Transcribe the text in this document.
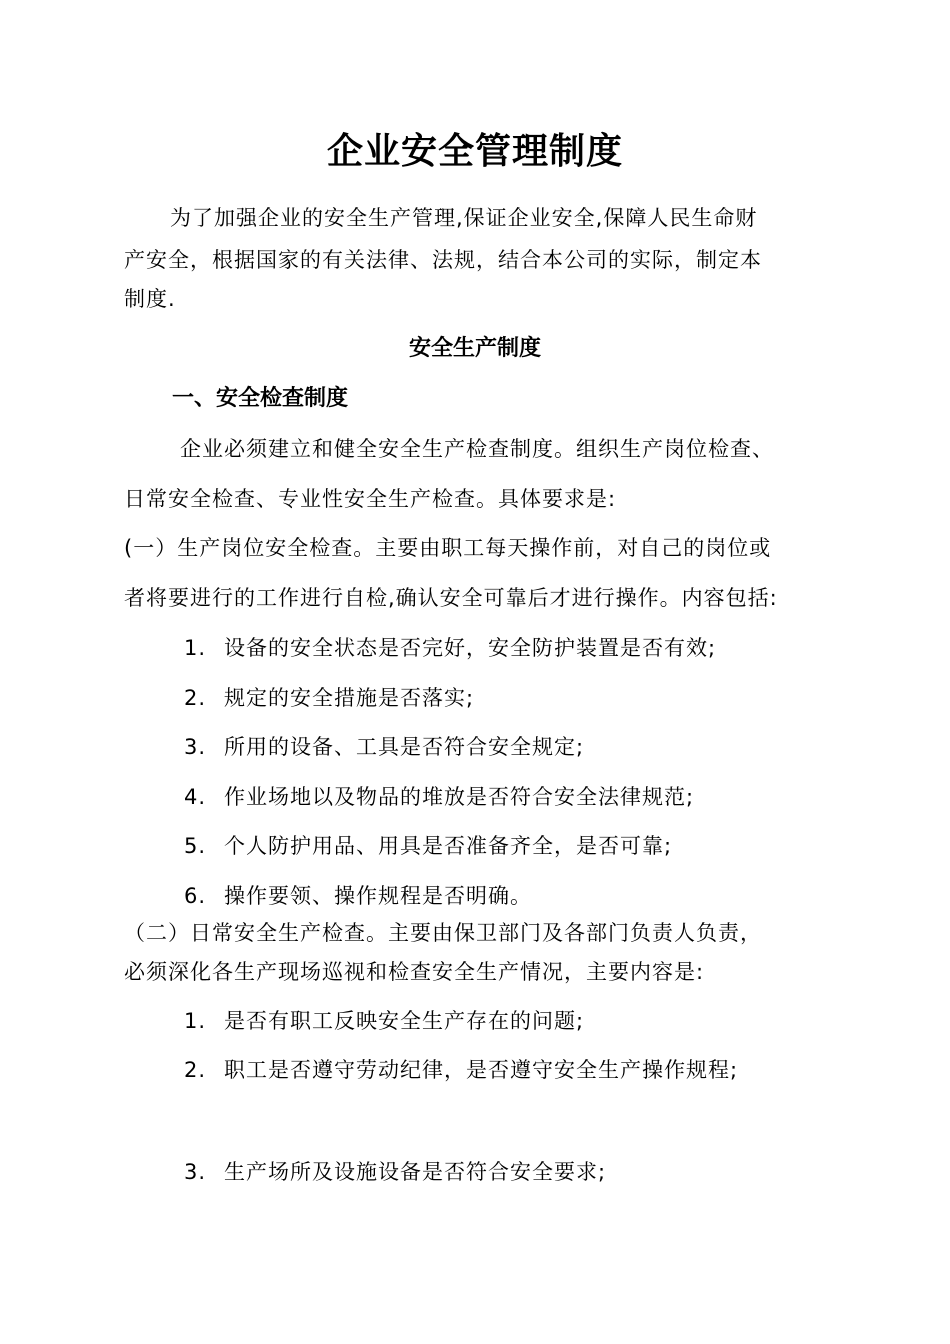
企业安全管理制度
为了加强企业的安全生产管理,保证企业安全,保障人民生命财
产安全，根据国家的有关法律、法规，结合本公司的实际，制定本
制度.
安全生产制度
一、安全检查制度
企业必须建立和健全安全生产检查制度。组织生产岗位检查、
日常安全检查、专业性安全生产检查。具体要求是:
(一）生产岗位安全检查。主要由职工每天操作前，对自己的岗位或
者将要进行的工作进行自检,确认安全可靠后才进行操作。内容包括:
1. 设备的安全状态是否完好，安全防护装置是否有效;
2. 规定的安全措施是否落实;
3. 所用的设备、工具是否符合安全规定;
4. 作业场地以及物品的堆放是否符合安全法律规范;
5. 个人防护用品、用具是否准备齐全，是否可靠;
6. 操作要领、操作规程是否明确。
（二）日常安全生产检查。主要由保卫部门及各部门负责人负责，
必须深化各生产现场巡视和检查安全生产情况，主要内容是:
1. 是否有职工反映安全生产存在的问题;
2. 职工是否遵守劳动纪律，是否遵守安全生产操作规程;
3. 生产场所及设施设备是否符合安全要求;
